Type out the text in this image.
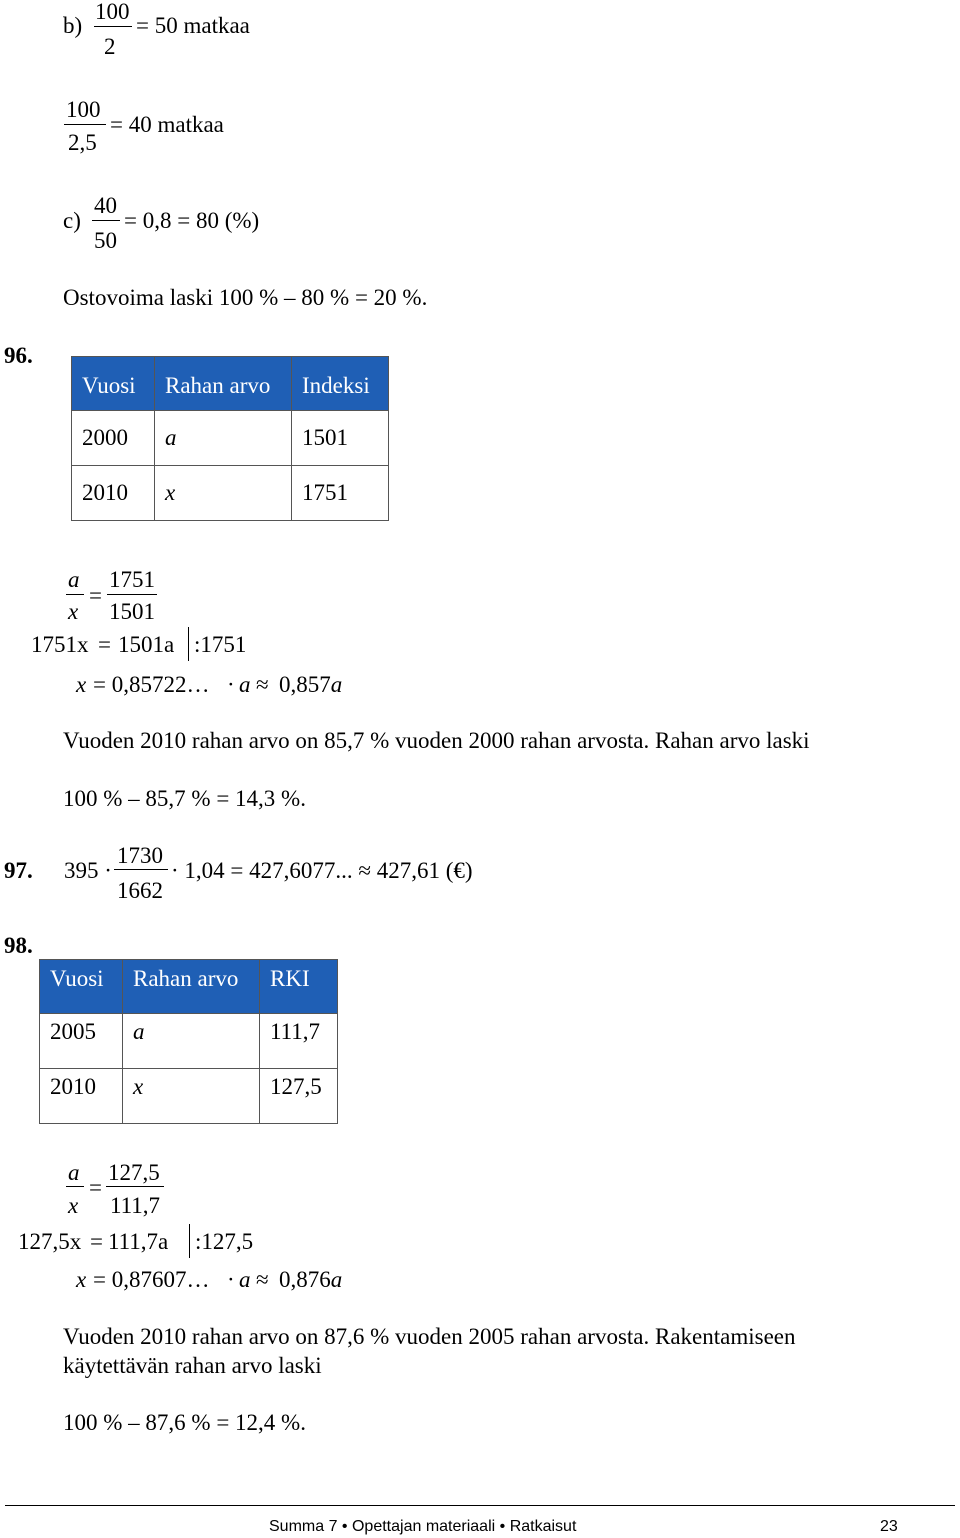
b)
100
2
= 50 matkaa
100
2,5
= 40 matkaa
c)
40
50
= 0,8 = 80 (%)
Ostovoima laski 100 % – 80 % = 20 %.
96.
Vuosi	Rahan arvo	Indeksi
2000	a	1501
2010	x	1751
a
x
=
1751
1501
1751x = 1501a :1751
x = 0,85722… · a ≈ 0,857a
Vuoden 2010 rahan arvo on 85,7 % vuoden 2000 rahan arvosta. Rahan arvo laski
100 % – 85,7 % = 14,3 %.
97. 395 ·
1730
1662
· 1,04 = 427,6077... ≈ 427,61 (€)
98.
Vuosi	Rahan arvo	RKI
2005	a	111,7
2010	x	127,5
a
x
=
127,5
111,7
127,5x = 111,7a :127,5
x = 0,87607… · a ≈ 0,876a
Vuoden 2010 rahan arvo on 87,6 % vuoden 2005 rahan arvosta. Rakentamiseen
käytettävän rahan arvo laski
100 % – 87,6 % = 12,4 %.
Summa 7 • Opettajan materiaali • Ratkaisut	23
